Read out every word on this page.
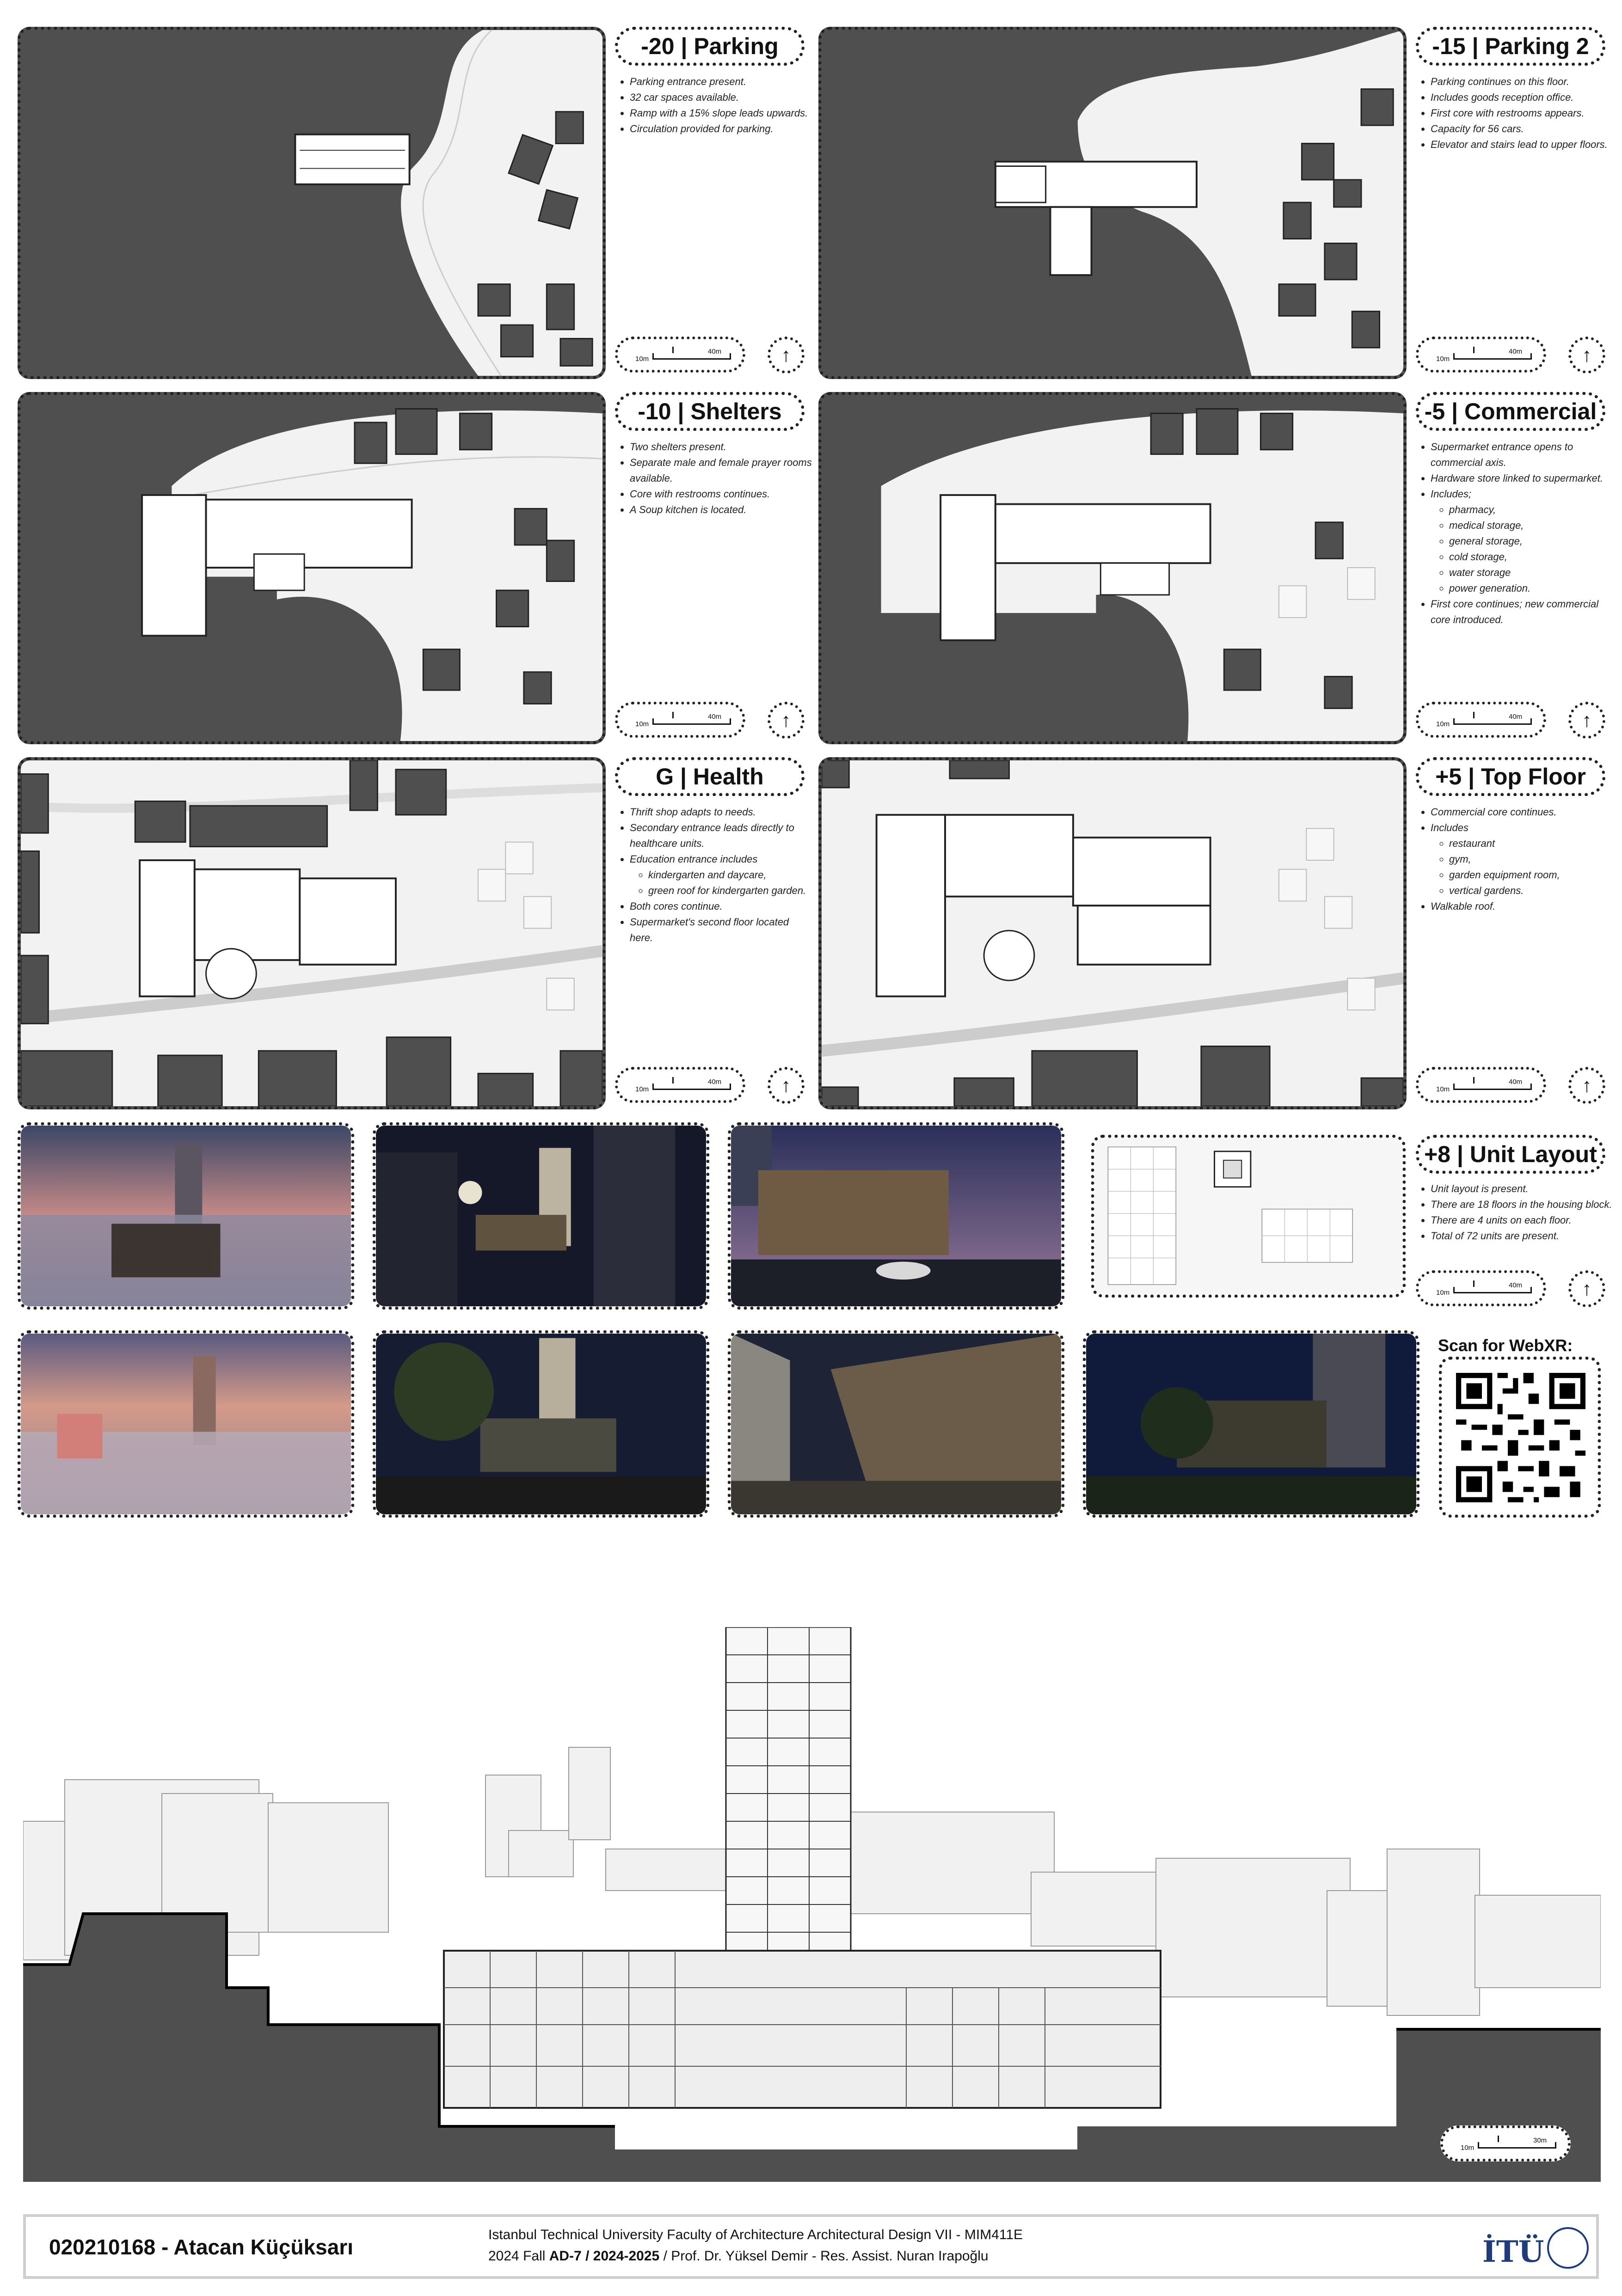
-20 | Parking
• Parking entrance present.
• 32 car spaces available.
• Ramp with a 15% slope leads upwards.
• Circulation provided for parking.
10m
40m	↑
-15 | Parking 2
• Parking continues on this floor.
• Includes goods reception office.
• First core with restrooms appears.
• Capacity for 56 cars.
• Elevator and stairs lead to upper floors.
10m
40m	↑
-10 | Shelters
• Two shelters present.
• Separate male and female prayer rooms available.
• Core with restrooms continues.
• A Soup kitchen is located.
10m
40m	↑
-5 | Commercial
• Supermarket entrance opens to commercial axis.
• Hardware store linked to supermarket.
• Includes;
◦ pharmacy,
◦ medical storage,
◦ general storage,
◦ cold storage,
◦ water storage
◦ power generation.
• First core continues; new commercial core introduced.
10m
40m	↑
G | Health
• Thrift shop adapts to needs.
• Secondary entrance leads directly to healthcare units.
• Education entrance includes
◦ kindergarten and daycare,
◦ green roof for kindergarten garden.
• Both cores continue.
• Supermarket's second floor located here.
10m
40m	↑
+5 | Top Floor
• Commercial core continues.
• Includes
◦ restaurant
◦ gym,
◦ garden equipment room,
◦ vertical gardens.
• Walkable roof.
10m
40m	↑
+8 | Unit Layout
• Unit layout is present.
• There are 18 floors in the housing block.
• There are 4 units on each floor.
• Total of 72 units are present.
10m
40m	↑
Scan for WebXR:
10m
30m
020210168 - Atacan Küçüksarı
Istanbul Technical University Faculty of Architecture Architectural Design VII - MIM411E
2024 Fall AD-7 / 2024-2025 / Prof. Dr. Yüksel Demir - Res. Assist. Nuran Irapoğlu	İTÜ
